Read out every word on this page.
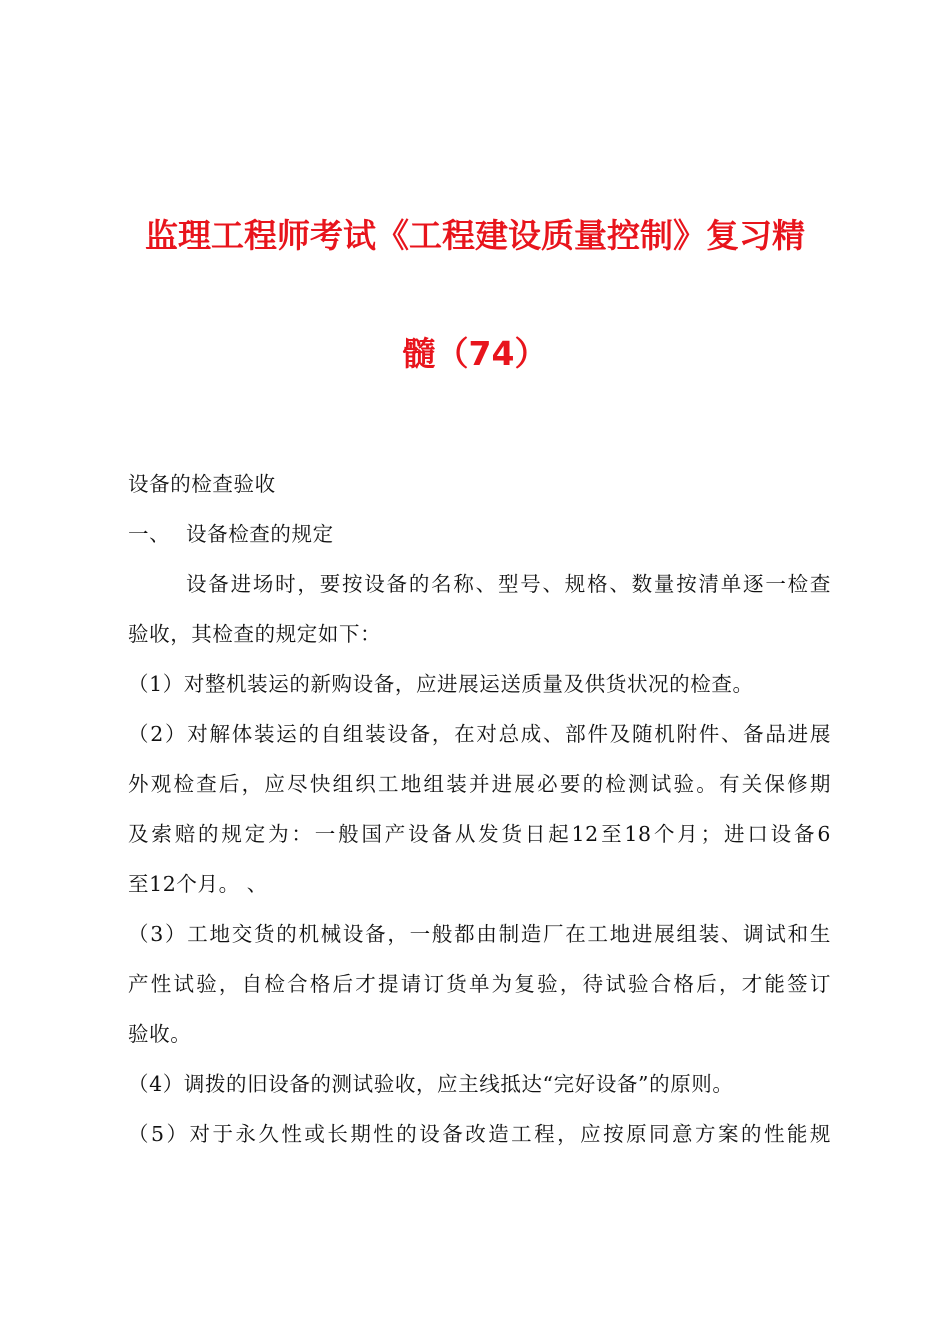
监理工程师考试《工程建设质量控制》复习精
髓（74）
设备的检查验收
一、 设备检查的规定
设备进场时，要按设备的名称、型号、规格、数量按清单逐一检查
验收，其检查的规定如下：
（1）对整机装运的新购设备，应进展运送质量及供货状况的检查。
（2）对解体装运的自组装设备，在对总成、部件及随机附件、备品进展
外观检查后，应尽快组织工地组装并进展必要的检测试验。有关保修期
及索赔的规定为：一般国产设备从发货日起12至18个月；进口设备6
至12个月。 、
（3）工地交货的机械设备，一般都由制造厂在工地进展组装、调试和生
产性试验，自检合格后才提请订货单为复验，待试验合格后，才能签订
验收。
（4）调拨的旧设备的测试验收，应主线抵达“完好设备”的原则。
（5）对于永久性或长期性的设备改造工程，应按原同意方案的性能规
